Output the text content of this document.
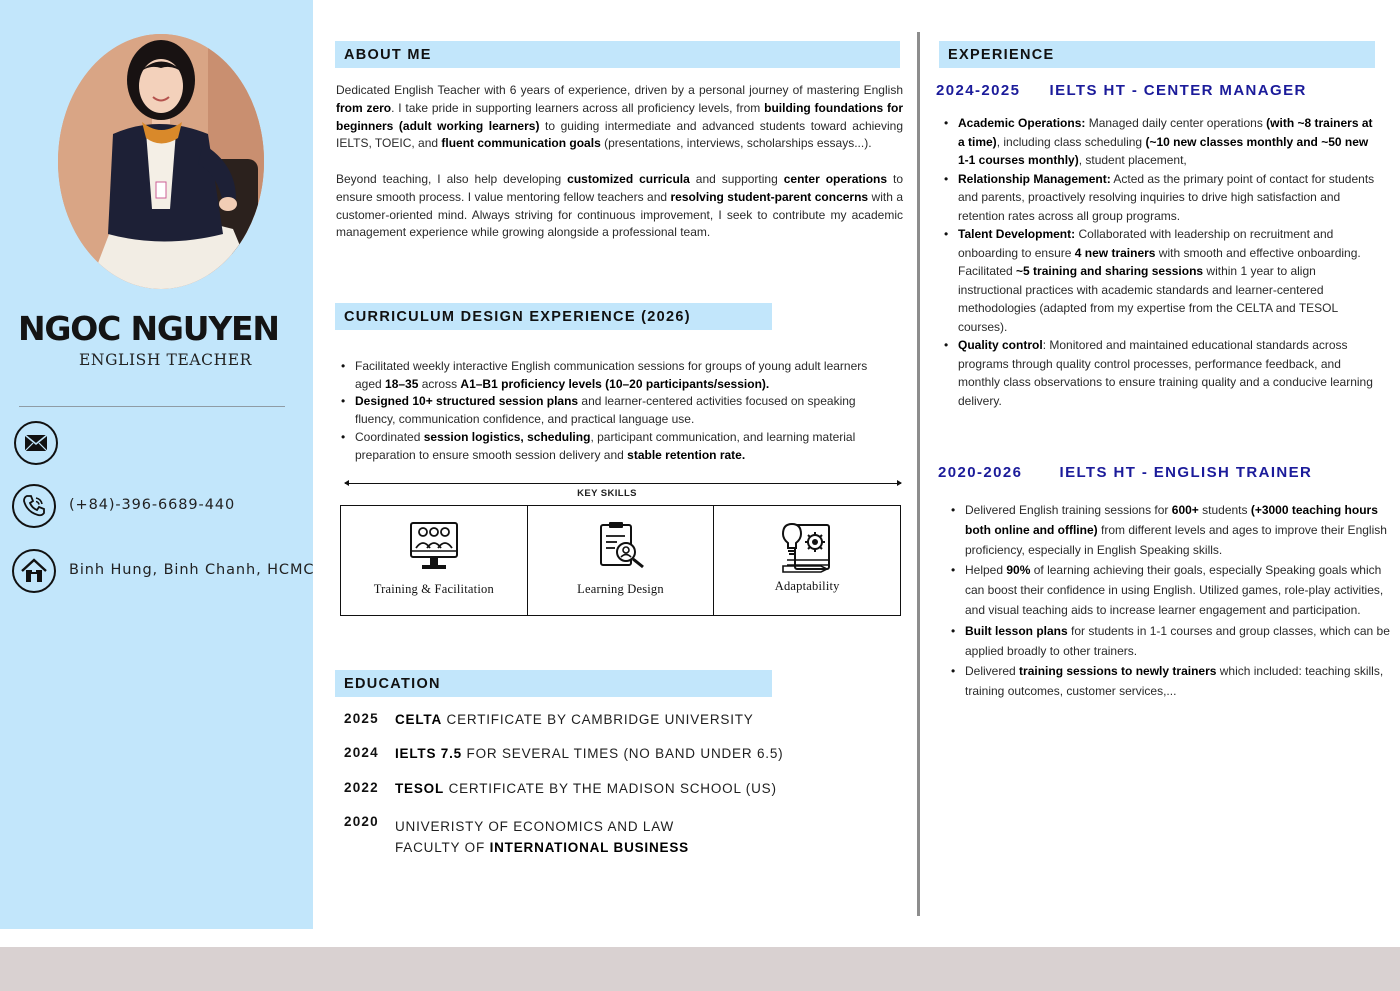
NGOC NGUYEN
ENGLISH TEACHER
(+84)-396-6689-440
Binh Hung, Binh Chanh, HCMC
ABOUT ME

Dedicated English Teacher with 6 years of experience, driven by a personal journey of mastering English from zero. I take pride in supporting learners across all proficiency levels, from building foundations for beginners (adult working learners) to guiding intermediate and advanced students toward achieving IELTS, TOEIC, and fluent communication goals (presentations, interviews, scholarships essays...).

Beyond teaching, I also help developing customized curricula and supporting center operations to ensure smooth process. I value mentoring fellow teachers and resolving student-parent concerns with a customer-oriented mind. Always striving for continuous improvement, I seek to contribute my academic management experience while growing alongside a professional team.

CURRICULUM DESIGN EXPERIENCE (2026)
• Facilitated weekly interactive English communication sessions for groups of young adult learners aged 18–35 across A1–B1 proficiency levels (10–20 participants/session).
• Designed 10+ structured session plans and learner-centered activities focused on speaking fluency, communication confidence, and practical language use.
• Coordinated session logistics, scheduling, participant communication, and learning material preparation to ensure smooth session delivery and stable retention rate.
KEY SKILLS
Training & Facilitation	Learning Design	Adaptability
EDUCATION
2025 CELTA CERTIFICATE BY CAMBRIDGE UNIVERSITY
2024 IELTS 7.5 FOR SEVERAL TIMES (NO BAND UNDER 6.5)
2022 TESOL CERTIFICATE BY THE MADISON SCHOOL (US)
2020 UNIVERISTY OF ECONOMICS AND LAW
FACULTY OF INTERNATIONAL BUSINESS
EXPERIENCE
2024-2025 IELTS HT - CENTER MANAGER
• Academic Operations: Managed daily center operations (with ~8 trainers at a time), including class scheduling (~10 new classes monthly and ~50 new 1-1 courses monthly), student placement,
• Relationship Management: Acted as the primary point of contact for students and parents, proactively resolving inquiries to drive high satisfaction and retention rates across all group programs.
• Talent Development: Collaborated with leadership on recruitment and onboarding to ensure 4 new trainers with smooth and effective onboarding. Facilitated ~5 training and sharing sessions within 1 year to align instructional practices with academic standards and learner-centered methodologies (adapted from my expertise from the CELTA and TESOL courses).
• Quality control: Monitored and maintained educational standards across programs through quality control processes, performance feedback, and monthly class observations to ensure training quality and a conducive learning delivery.
2020-2026 IELTS HT - ENGLISH TRAINER
• Delivered English training sessions for 600+ students (+3000 teaching hours both online and offline) from different levels and ages to improve their English proficiency, especially in English Speaking skills.
• Helped 90% of learning achieving their goals, especially Speaking goals which can boost their confidence in using English. Utilized games, role-play activities, and visual teaching aids to increase learner engagement and participation.
• Built lesson plans for students in 1-1 courses and group classes, which can be applied broadly to other trainers.
• Delivered training sessions to newly trainers which included: teaching skills, training outcomes, customer services,...
